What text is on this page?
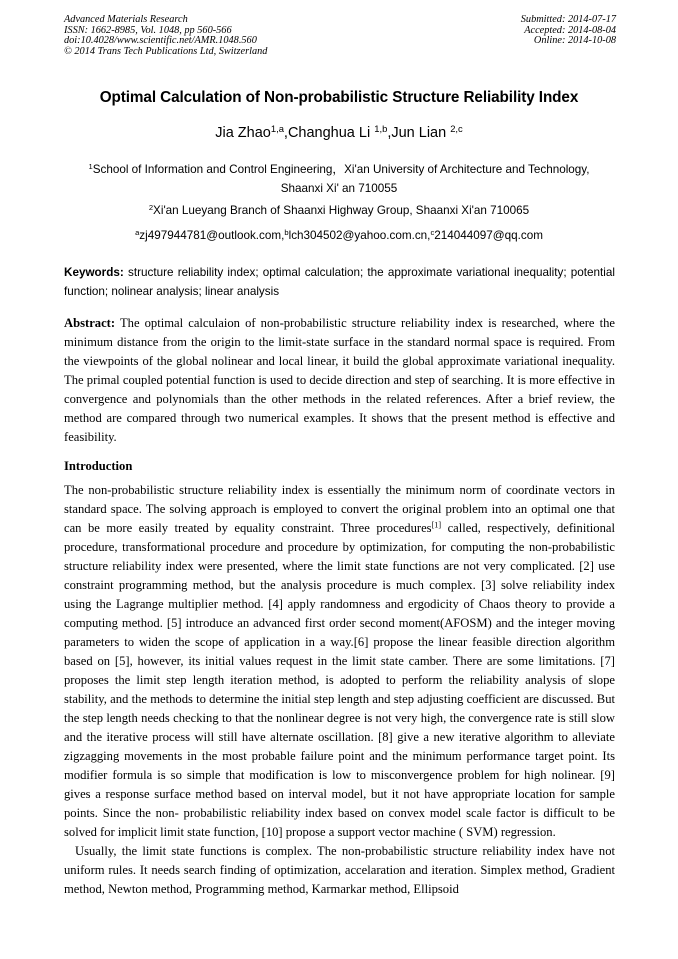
Advanced Materials Research
ISSN: 1662-8985, Vol. 1048, pp 560-566
doi:10.4028/www.scientific.net/AMR.1048.560
© 2014 Trans Tech Publications Ltd, Switzerland
Submitted: 2014-07-17
Accepted: 2014-08-04
Online: 2014-10-08
Optimal Calculation of Non-probabilistic Structure Reliability Index
Jia Zhao$^{1,a}$,Changhua Li $^{1,b}$,Jun Lian $^{2,c}$
$^1$School of Information and Control Engineering，Xi'an University of Architecture and Technology,
Shaanxi Xi' an 710055
$^2$Xi'an Lueyang Branch of Shaanxi Highway Group, Shaanxi Xi'an 710065
$^a$zj497944781@outlook.com,$^b$lch304502@yahoo.com.cn,$^c$214044097@qq.com
Keywords: structure reliability index; optimal calculation; the approximate variational inequality; potential function; nolinear analysis; linear analysis
Abstract: The optimal calculaion of non-probabilistic structure reliability index is researched, where the minimum distance from the origin to the limit-state surface in the standard normal space is required. From the viewpoints of the global nolinear and local linear, it build the global approximate variational inequality. The primal coupled potential function is used to decide direction and step of searching. It is more effective in convergence and polynomials than the other methods in the related references. After a brief review, the method are compared through two numerical examples. It shows that the present method is effective and feasibility.
Introduction

The non-probabilistic structure reliability index is essentially the minimum norm of coordinate vectors in standard space. The solving approach is employed to convert the original problem into an optimal one that can be more easily treated by equality constraint. Three procedures[1] called, respectively, definitional procedure, transformational procedure and procedure by optimization, for computing the non-probabilistic structure reliability index were presented, where the limit state functions are not very complicated. [2] use constraint programming method, but the analysis procedure is much complex. [3] solve reliability index using the Lagrange multiplier method. [4] apply randomness and ergodicity of Chaos theory to provide a computing method. [5] introduce an advanced first order second moment(AFOSM) and the integer moving parameters to widen the scope of application in a way.[6] propose the linear feasible direction algorithm based on [5], however, its initial values request in the limit state camber. There are some limitations. [7] proposes the limit step length iteration method, is adopted to perform the reliability analysis of slope stability, and the methods to determine the initial step length and step adjusting coefficient are discussed. But the step length needs checking to that the nonlinear degree is not very high, the convergence rate is still slow and the iterative process will still have alternate oscillation. [8] give a new iterative algorithm to alleviate zigzagging movements in the most probable failure point and the minimum performance target point. Its modifier formula is so simple that modification is low to misconvergence problem for high nolinear. [9] gives a response surface method based on interval model, but it not have appropriate location for sample points. Since the non- probabilistic reliability index based on convex model scale factor is difficult to be solved for implicit limit state function, [10] propose a support vector machine ( SVM) regression.

Usually, the limit state functions is complex. The non-probabilistic structure reliability index have not uniform rules. It needs search finding of optimization, accelaration and iteration. Simplex method, Gradient method, Newton method, Programming method, Karmarkar method, Ellipsoid
